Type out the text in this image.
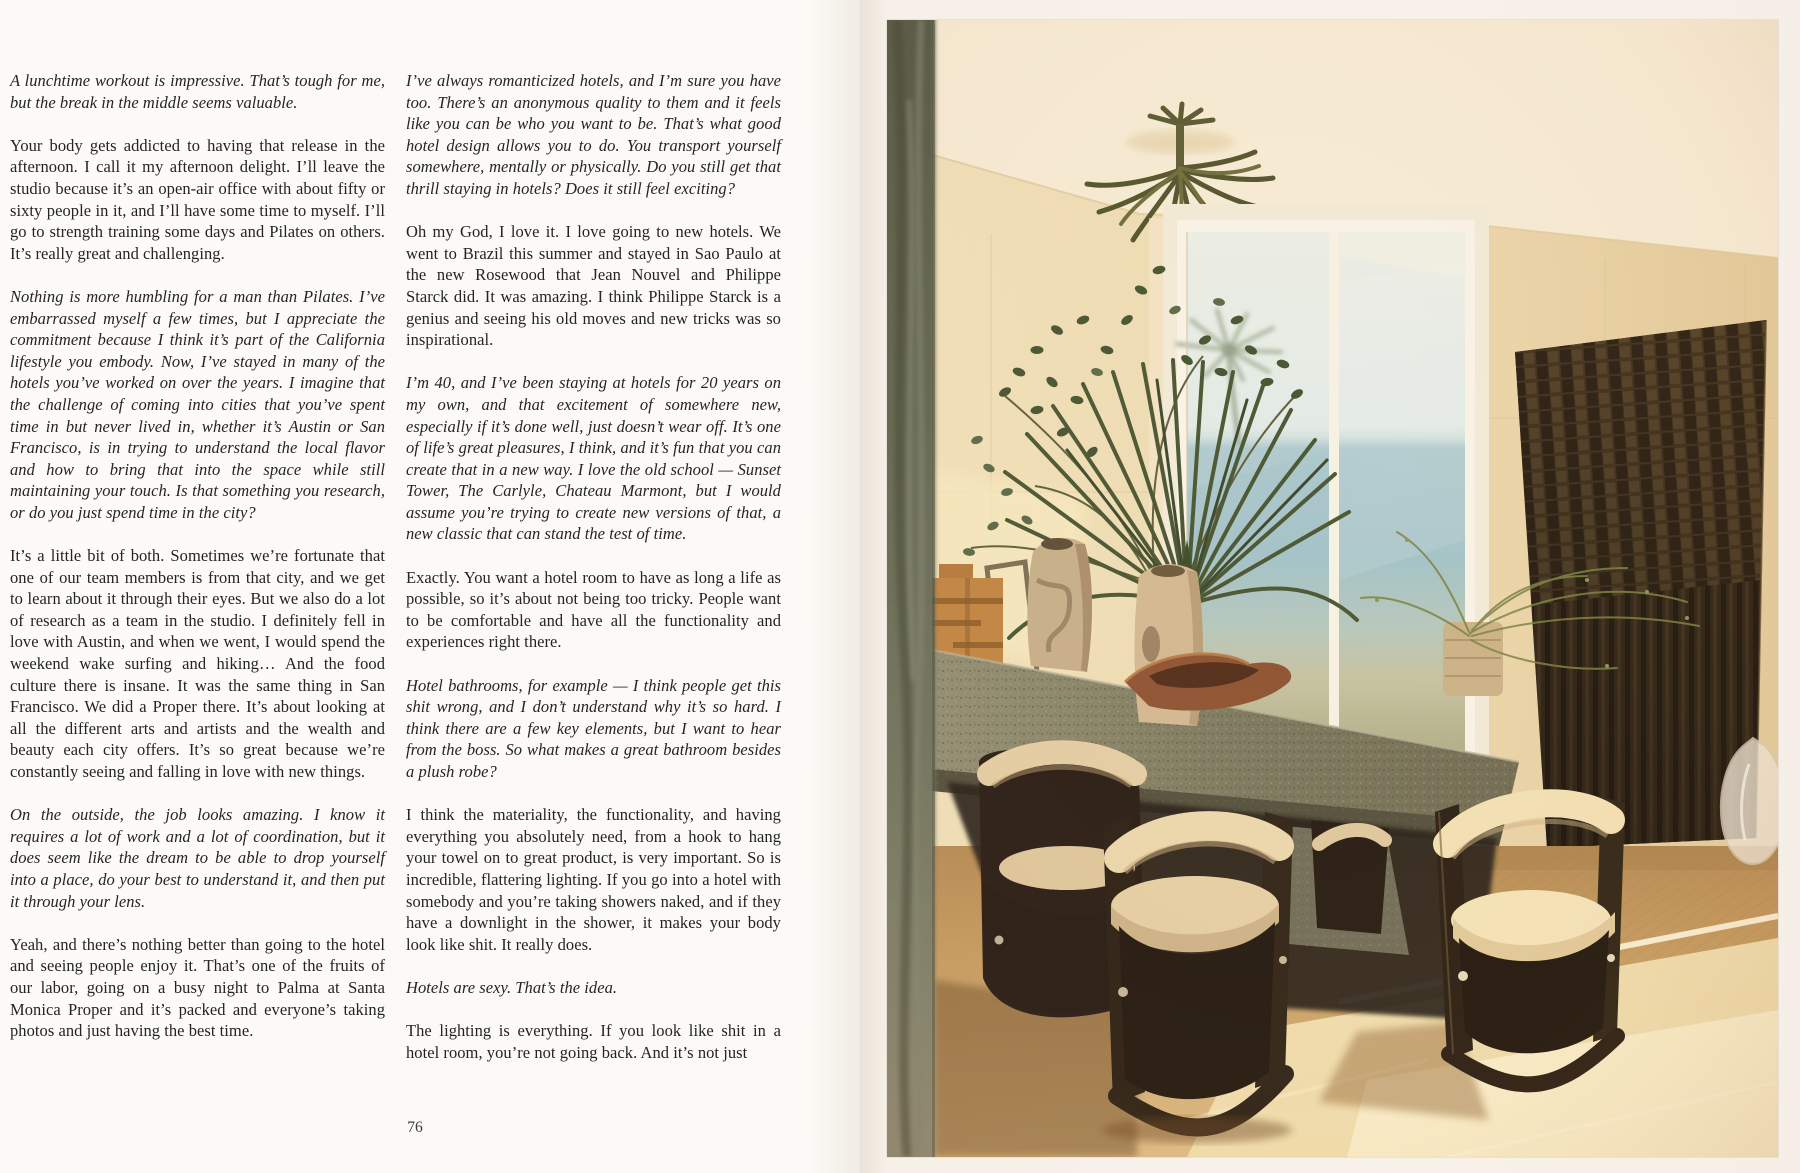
A lunchtime workout is impressive. That’s tough for me, but the break in the middle seems valuable.

Your body gets addicted to having that release in the afternoon. I call it my afternoon delight. I’ll leave the studio because it’s an open-air office with about fifty or sixty people in it, and I’ll have some time to myself. I’ll go to strength training some days and Pilates on others. It’s really great and challenging.

Nothing is more humbling for a man than Pilates. I’ve embarrassed myself a few times, but I appreciate the commitment because I think it’s part of the California lifestyle you embody. Now, I’ve stayed in many of the hotels you’ve worked on over the years. I imagine that the challenge of coming into cities that you’ve spent time in but never lived in, whether it’s Austin or San Francisco, is in trying to understand the local flavor and how to bring that into the space while still maintaining your touch. Is that something you research, or do you just spend time in the city?

It’s a little bit of both. Sometimes we’re fortunate that one of our team members is from that city, and we get to learn about it through their eyes. But we also do a lot of research as a team in the studio. I definitely fell in love with Austin, and when we went, I would spend the weekend wake surfing and hiking… And the food culture there is insane. It was the same thing in San Francisco. We did a Proper there. It’s about looking at all the different arts and artists and the wealth and beauty each city offers. It’s so great because we’re constantly seeing and falling in love with new things.

On the outside, the job looks amazing. I know it requires a lot of work and a lot of coordination, but it does seem like the dream to be able to drop yourself into a place, do your best to understand it, and then put it through your lens.

Yeah, and there’s nothing better than going to the hotel and seeing people enjoy it. That’s one of the fruits of our labor, going on a busy night to Palma at Santa Monica Proper and it’s packed and everyone’s taking photos and just having the best time.

I’ve always romanticized hotels, and I’m sure you have too. There’s an anonymous quality to them and it feels like you can be who you want to be. That’s what good hotel design allows you to do. You transport yourself somewhere, mentally or physically. Do you still get that thrill staying in hotels? Does it still feel exciting?

Oh my God, I love it. I love going to new hotels. We went to Brazil this summer and stayed in Sao Paulo at the new Rosewood that Jean Nouvel and Philippe Starck did. It was amazing. I think Philippe Starck is a genius and seeing his old moves and new tricks was so inspirational.

I’m 40, and I’ve been staying at hotels for 20 years on my own, and that excitement of somewhere new, especially if it’s done well, just doesn’t wear off. It’s one of life’s great pleasures, I think, and it’s fun that you can create that in a new way. I love the old school — Sunset Tower, The Carlyle, Chateau Marmont, but I would assume you’re trying to create new versions of that, a new classic that can stand the test of time.

Exactly. You want a hotel room to have as long a life as possible, so it’s about not being too tricky. People want to be comfortable and have all the functionality and experiences right there.

Hotel bathrooms, for example — I think people get this shit wrong, and I don’t understand why it’s so hard. I think there are a few key elements, but I want to hear from the boss. So what makes a great bathroom besides a plush robe?

I think the materiality, the functionality, and having everything you absolutely need, from a hook to hang your towel on to great product, is very important. So is incredible, flattering lighting. If you go into a hotel with somebody and you’re taking showers naked, and if they have a downlight in the shower, it makes your body look like shit. It really does.

Hotels are sexy. That’s the idea.

The lighting is everything. If you look like shit in a hotel room, you’re not going back. And it’s not just

76
